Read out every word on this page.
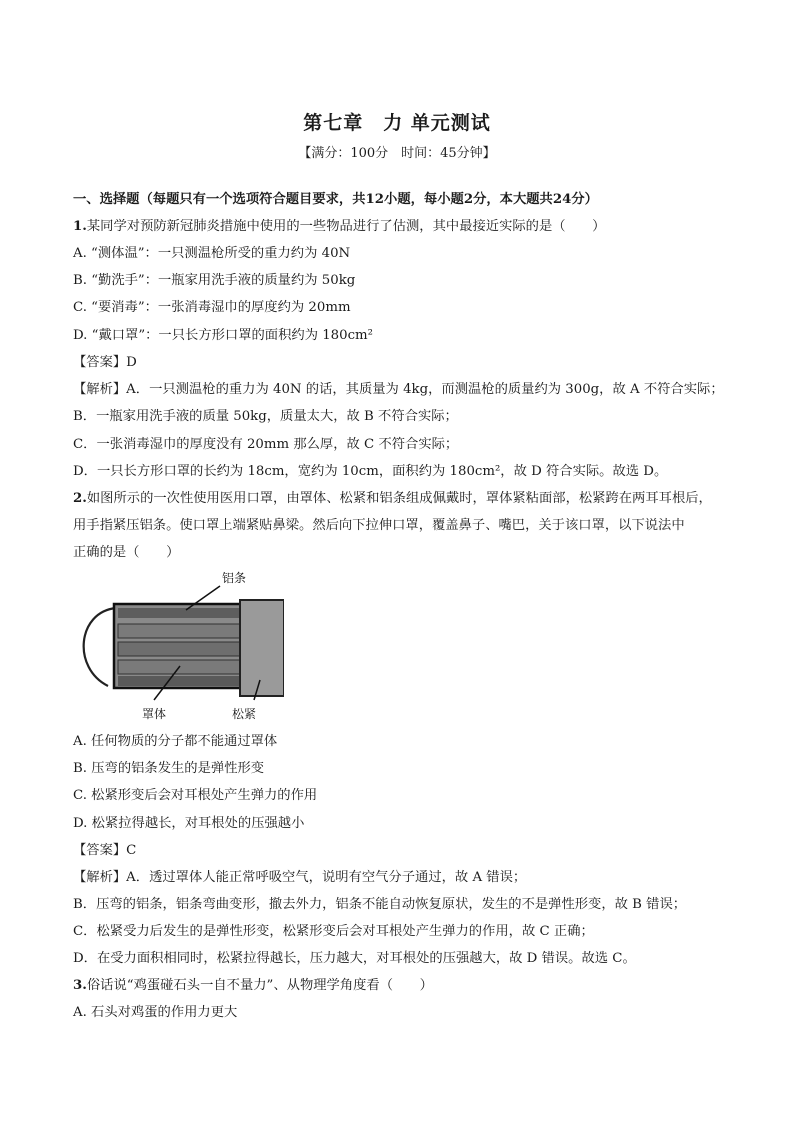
第七章　力 单元测试
【满分：100分　时间：45分钟】
一、选择题（每题只有一个选项符合题目要求，共12小题，每小题2分，本大题共24分）
1.某同学对预防新冠肺炎措施中使用的一些物品进行了估测，其中最接近实际的是（　　）
A. “测体温”：一只测温枪所受的重力约为 40N
B. “勤洗手”：一瓶家用洗手液的质量约为 50kg
C. “要消毒”：一张消毒湿巾的厚度约为 20mm
D. “戴口罩”：一只长方形口罩的面积约为 180cm²
【答案】D
【解析】A．一只测温枪的重力为 40N 的话，其质量为 4kg，而测温枪的质量约为 300g，故 A 不符合实际；
B．一瓶家用洗手液的质量 50kg，质量太大，故 B 不符合实际；
C．一张消毒湿巾的厚度没有 20mm 那么厚，故 C 不符合实际；
D．一只长方形口罩的长约为 18cm，宽约为 10cm，面积约为 180cm²，故 D 符合实际。故选 D。
2.如图所示的一次性使用医用口罩，由罩体、松紧和铝条组成佩戴时，罩体紧粘面部，松紧跨在两耳耳根后，
用手指紧压铝条。使口罩上端紧贴鼻梁。然后向下拉伸口罩，覆盖鼻子、嘴巴，关于该口罩，以下说法中
正确的是（　　）
铝条
罩体	松紧
A. 任何物质的分子都不能通过罩体
B. 压弯的铝条发生的是弹性形变
C. 松紧形变后会对耳根处产生弹力的作用
D. 松紧拉得越长，对耳根处的压强越小
【答案】C
【解析】A．透过罩体人能正常呼吸空气，说明有空气分子通过，故 A 错误；
B．压弯的铝条，铝条弯曲变形，撤去外力，铝条不能自动恢复原状，发生的不是弹性形变，故 B 错误；
C．松紧受力后发生的是弹性形变，松紧形变后会对耳根处产生弹力的作用，故 C 正确；
D．在受力面积相同时，松紧拉得越长，压力越大，对耳根处的压强越大，故 D 错误。故选 C。
3.俗话说“鸡蛋碰石头一自不量力”、从物理学角度看（　　）
A. 石头对鸡蛋的作用力更大
